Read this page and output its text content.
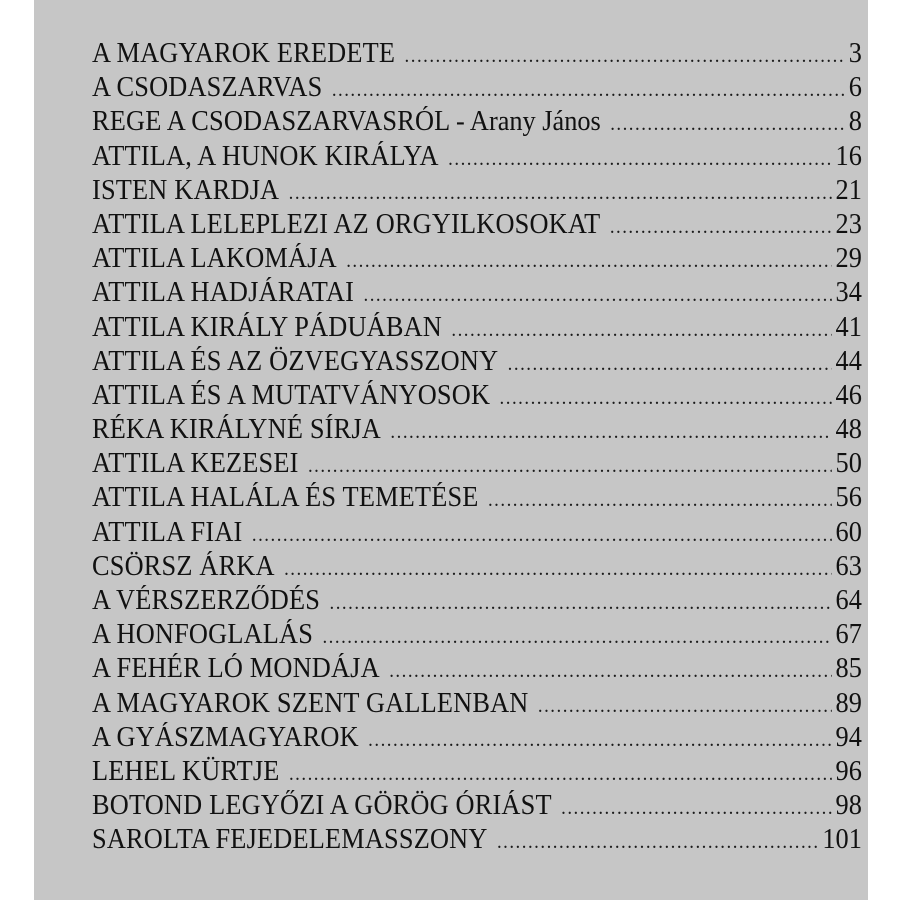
A MAGYAROK EREDETE .....	3
A CSODASZARVAS .....	6
REGE A CSODASZARVASRÓL - Arany János .....	8
ATTILA, A HUNOK KIRÁLYA .....	16
ISTEN KARDJA .....	21
ATTILA LELEPLEZI AZ ORGYILKOSOKAT .....	23
ATTILA LAKOMÁJA .....	29
ATTILA HADJÁRATAI .....	34
ATTILA KIRÁLY PÁDUÁBAN .....	41
ATTILA ÉS AZ ÖZVEGYASSZONY .....	44
ATTILA ÉS A MUTATVÁNYOSOK .....	46
RÉKA KIRÁLYNÉ SÍRJA .....	48
ATTILA KEZESEI .....	50
ATTILA HALÁLA ÉS TEMETÉSE .....	56
ATTILA FIAI .....	60
CSÖRSZ ÁRKA .....	63
A VÉRSZERZŐDÉS .....	64
A HONFOGLALÁS .....	67
A FEHÉR LÓ MONDÁJA .....	85
A MAGYAROK SZENT GALLENBAN .....	89
A GYÁSZMAGYAROK .....	94
LEHEL KÜRTJE .....	96
BOTOND LEGYŐZI A GÖRÖG ÓRIÁST .....	98
SAROLTA FEJEDELEMASSZONY .....	101
